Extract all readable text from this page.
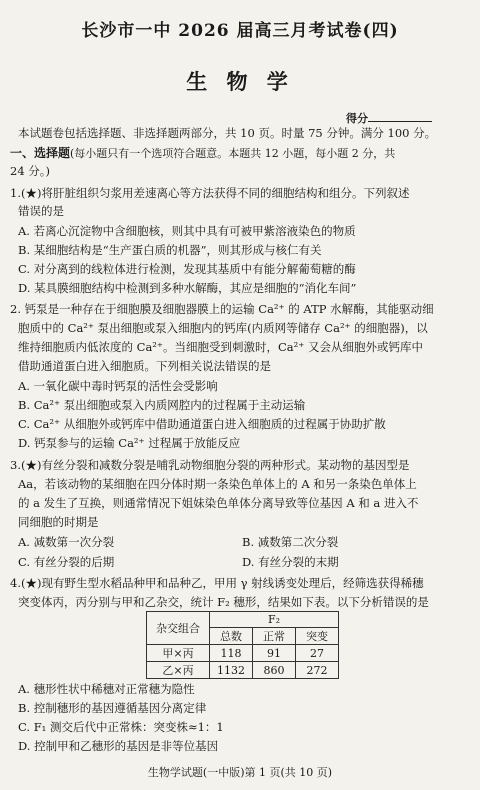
长沙市一中 2026 届高三月考试卷(四)
生 物 学
得分
本试题卷包括选择题、非选择题两部分，共 10 页。时量 75 分钟。满分 100 分。
一、选择题(每小题只有一个选项符合题意。本题共 12 小题，每小题 2 分，共
24 分。)
1.(★)将肝脏组织匀浆用差速离心等方法获得不同的细胞结构和组分。下列叙述
错误的是
A. 若离心沉淀物中含细胞核，则其中具有可被甲紫溶液染色的物质
B. 某细胞结构是“生产蛋白质的机器”，则其形成与核仁有关
C. 对分离到的线粒体进行检测，发现其基质中有能分解葡萄糖的酶
D. 某具膜细胞结构中检测到多种水解酶，其应是细胞的“消化车间”
2. 钙泵是一种存在于细胞膜及细胞器膜上的运输 Ca²⁺ 的 ATP 水解酶，其能驱动细
胞质中的 Ca²⁺ 泵出细胞或泵入细胞内的钙库(内质网等储存 Ca²⁺ 的细胞器)，以
维持细胞质内低浓度的 Ca²⁺。当细胞受到刺激时，Ca²⁺ 又会从细胞外或钙库中
借助通道蛋白进入细胞质。下列相关说法错误的是
A. 一氧化碳中毒时钙泵的活性会受影响
B. Ca²⁺ 泵出细胞或泵入内质网腔内的过程属于主动运输
C. Ca²⁺ 从细胞外或钙库中借助通道蛋白进入细胞质的过程属于协助扩散
D. 钙泵参与的运输 Ca²⁺ 过程属于放能反应
3.(★)有丝分裂和减数分裂是哺乳动物细胞分裂的两种形式。某动物的基因型是
Aa，若该动物的某细胞在四分体时期一条染色单体上的 A 和另一条染色单体上
的 a 发生了互换，则通常情况下姐妹染色单体分离导致等位基因 A 和 a 进入不
同细胞的时期是
A. 减数第一次分裂	B. 减数第二次分裂
C. 有丝分裂的后期	D. 有丝分裂的末期
4.(★)现有野生型水稻品种甲和品种乙，甲用 γ 射线诱变处理后，经筛选获得稀穗
突变体丙，丙分别与甲和乙杂交，统计 F₂ 穗形，结果如下表。以下分析错误的是
杂交组合	F₂		
	总数	正常	突变
甲×丙	118	91	27
乙×丙	1132	860	272
A. 穗形性状中稀穗对正常穗为隐性
B. 控制穗形的基因遵循基因分离定律
C. F₁ 测交后代中正常株：突变株≈1：1
D. 控制甲和乙穗形的基因是非等位基因
生物学试题(一中版)第 1 页(共 10 页)
